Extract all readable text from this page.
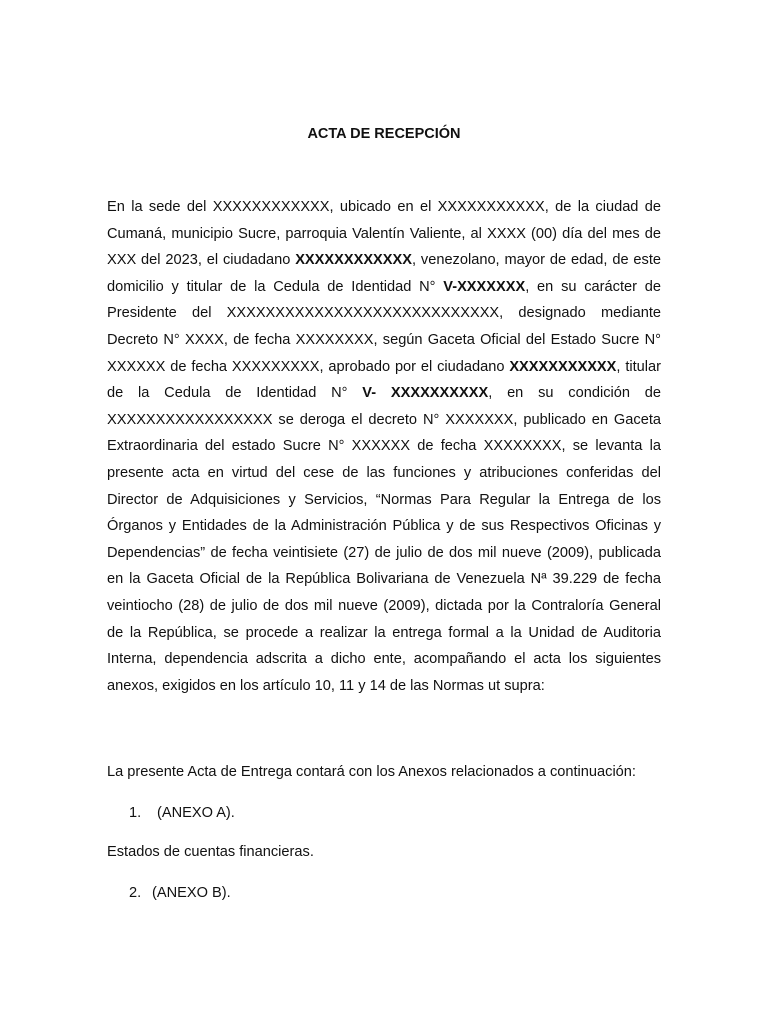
ACTA DE RECEPCIÓN
En la sede del XXXXXXXXXXXX, ubicado en el XXXXXXXXXXX, de la ciudad de Cumaná, municipio Sucre, parroquia Valentín Valiente, al XXXX (00) día del mes de XXX del 2023, el ciudadano XXXXXXXXXXXX, venezolano, mayor de edad, de este domicilio y titular de la Cedula de Identidad N° V-XXXXXXX, en su carácter de Presidente del XXXXXXXXXXXXXXXXXXXXXXXXXXXX, designado mediante Decreto N° XXXX, de fecha XXXXXXXX, según Gaceta Oficial del Estado Sucre N° XXXXXX de fecha XXXXXXXXX, aprobado por el ciudadano XXXXXXXXXXX, titular de la Cedula de Identidad N° V- XXXXXXXXXX, en su condición de XXXXXXXXXXXXXXXXX se deroga el decreto N° XXXXXXX, publicado en Gaceta Extraordinaria del estado Sucre N° XXXXXX de fecha XXXXXXXX, se levanta la presente acta en virtud del cese de las funciones y atribuciones conferidas del Director de Adquisiciones y Servicios, “Normas Para Regular la Entrega de los Órganos y Entidades de la Administración Pública y de sus Respectivos Oficinas y Dependencias” de fecha veintisiete (27) de julio de dos mil nueve (2009), publicada en la Gaceta Oficial de la República Bolivariana de Venezuela Nª 39.229 de fecha veintiocho (28) de julio de dos mil nueve (2009), dictada por la Contraloría General de la República, se procede a realizar la entrega formal a la Unidad de Auditoria Interna, dependencia adscrita a dicho ente, acompañando el acta los siguientes anexos, exigidos en los artículo 10, 11 y 14 de las Normas ut supra:
La presente Acta de Entrega contará con los Anexos relacionados a continuación:
1. (ANEXO A).
Estados de cuentas financieras.
2. (ANEXO B).
